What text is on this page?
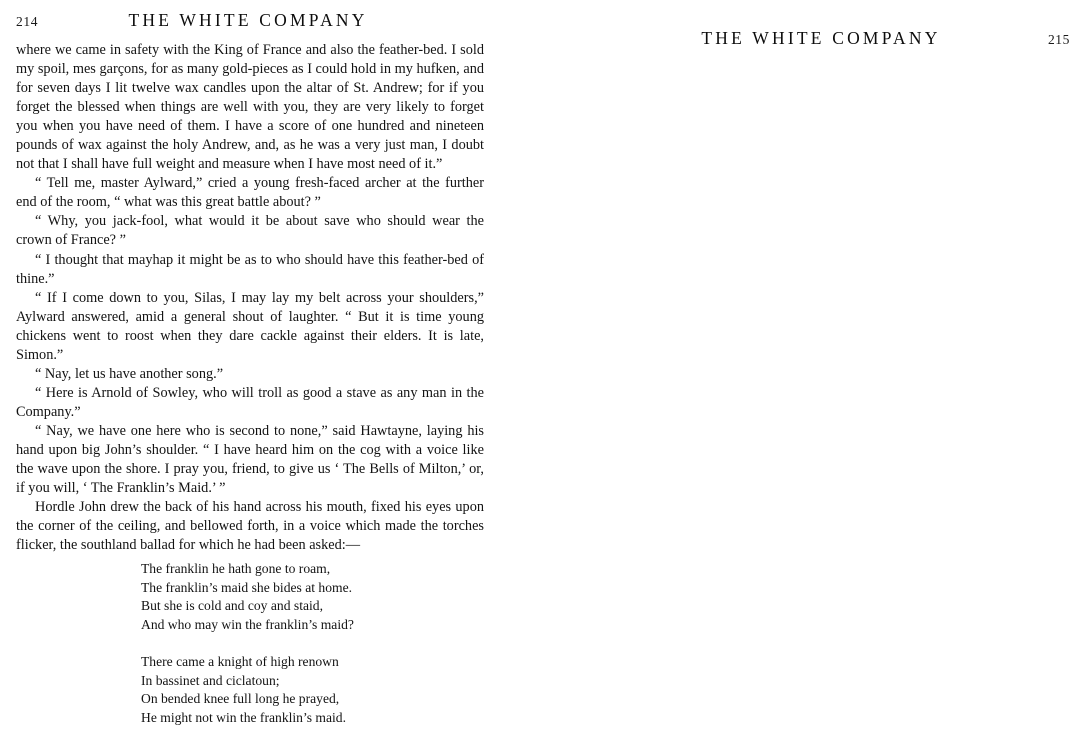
214	THE WHITE COMPANY

where we came in safety with the King of France and also the feather-bed. I sold my spoil, mes garçons, for as many gold-pieces as I could hold in my hufken, and for seven days I lit twelve wax candles upon the altar of St. Andrew; for if you forget the blessed when things are well with you, they are very likely to forget you when you have need of them. I have a score of one hundred and nineteen pounds of wax against the holy Andrew, and, as he was a very just man, I doubt not that I shall have full weight and measure when I have most need of it.”

“ Tell me, master Aylward,” cried a young fresh-faced archer at the further end of the room, “ what was this great battle about? ”

“ Why, you jack-fool, what would it be about save who should wear the crown of France? ”

“ I thought that mayhap it might be as to who should have this feather-bed of thine.”

“ If I come down to you, Silas, I may lay my belt across your shoulders,” Aylward answered, amid a general shout of laughter. “ But it is time young chickens went to roost when they dare cackle against their elders. It is late, Simon.”

“ Nay, let us have another song.”

“ Here is Arnold of Sowley, who will troll as good a stave as any man in the Company.”

“ Nay, we have one here who is second to none,” said Hawtayne, laying his hand upon big John’s shoulder. “ I have heard him on the cog with a voice like the wave upon the shore. I pray you, friend, to give us ‘ The Bells of Milton,’ or, if you will, ‘ The Franklin’s Maid.’ ”

Hordle John drew the back of his hand across his mouth, fixed his eyes upon the corner of the ceiling, and bellowed forth, in a voice which made the torches flicker, the southland ballad for which he had been asked:—

The franklin he hath gone to roam,
The franklin’s maid she bides at home.
But she is cold and coy and staid,
And who may win the franklin’s maid?
There came a knight of high renown
In bassinet and ciclatoun;
On bended knee full long he prayed,
He might not win the franklin’s maid.
THE WHITE COMPANY	215
